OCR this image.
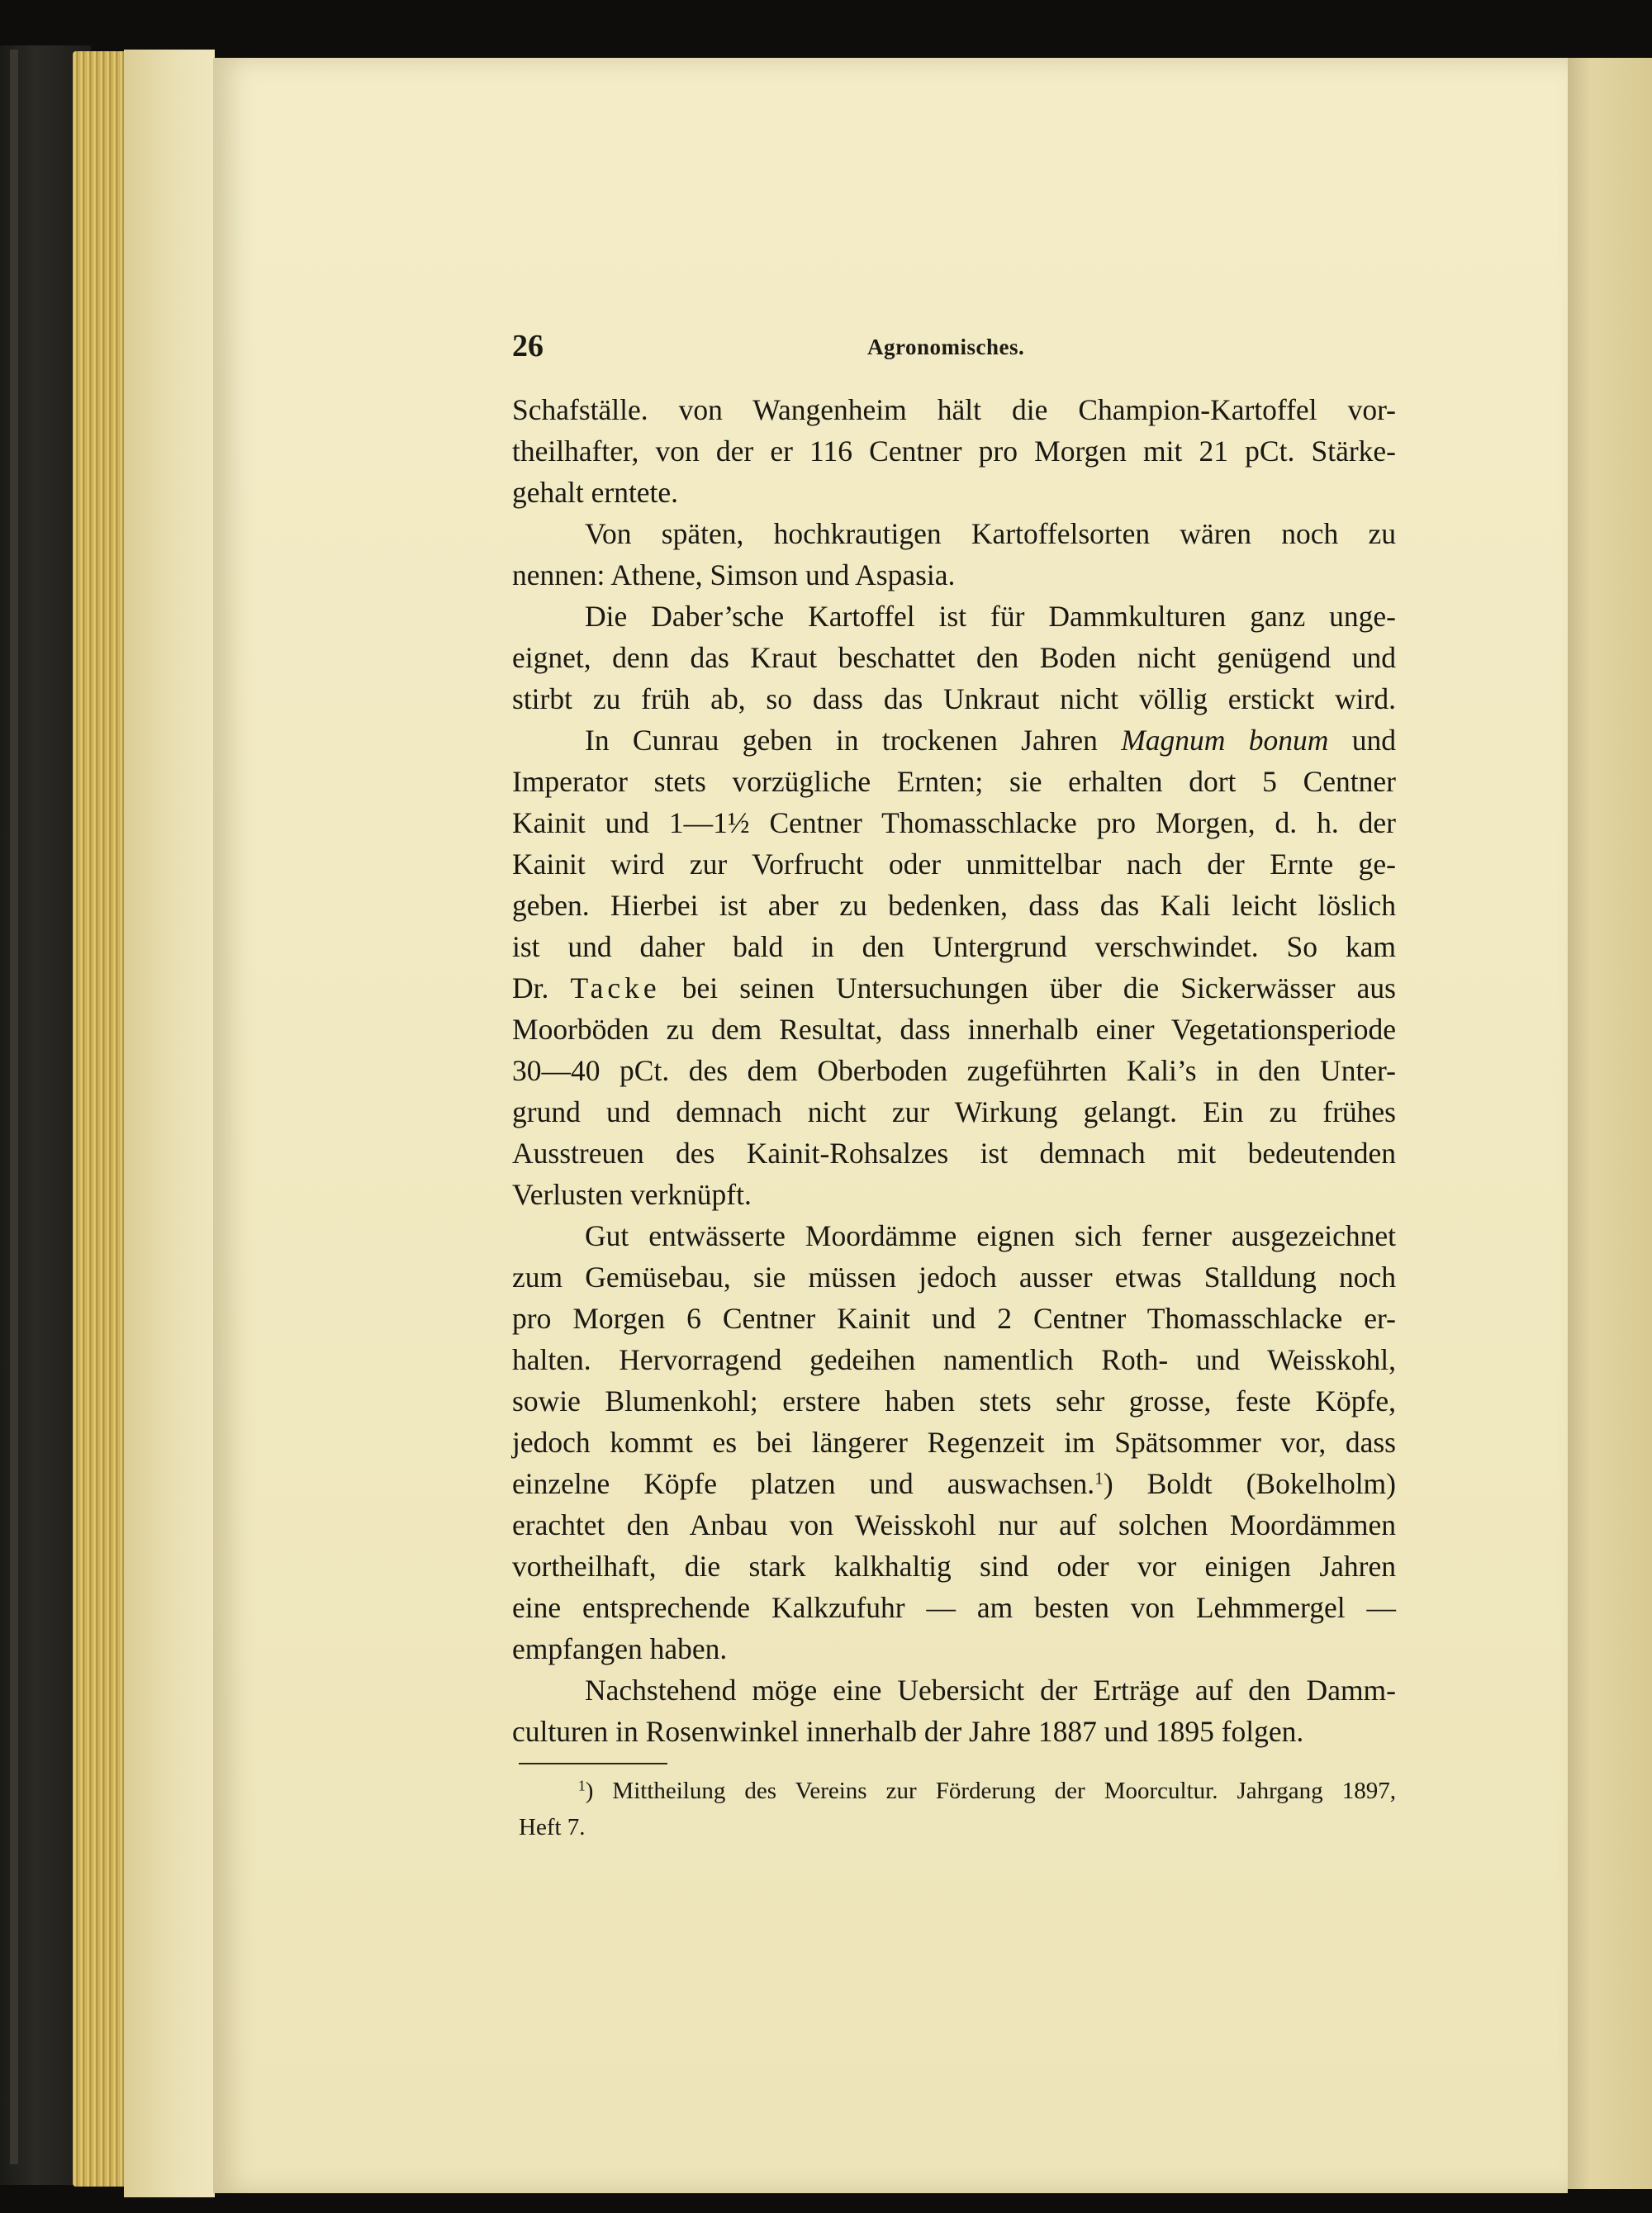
26	Agronomisches.
Schafställe. von Wangenheim hält die Champion-Kartoffel vor-
theilhafter, von der er 116 Centner pro Morgen mit 21 pCt. Stärke-
gehalt erntete.
Von späten, hochkrautigen Kartoffelsorten wären noch zu
nennen: Athene, Simson und Aspasia.
Die Daber’sche Kartoffel ist für Dammkulturen ganz unge-
eignet, denn das Kraut beschattet den Boden nicht genügend und
stirbt zu früh ab, so dass das Unkraut nicht völlig erstickt wird.
In Cunrau geben in trockenen Jahren Magnum bonum und
Imperator stets vorzügliche Ernten; sie erhalten dort 5 Centner
Kainit und 1—1½ Centner Thomasschlacke pro Morgen, d. h. der
Kainit wird zur Vorfrucht oder unmittelbar nach der Ernte ge-
geben. Hierbei ist aber zu bedenken, dass das Kali leicht löslich
ist und daher bald in den Untergrund verschwindet. So kam
Dr. Tacke bei seinen Untersuchungen über die Sickerwässer aus
Moorböden zu dem Resultat, dass innerhalb einer Vegetationsperiode
30—40 pCt. des dem Oberboden zugeführten Kali’s in den Unter-
grund und demnach nicht zur Wirkung gelangt. Ein zu frühes
Ausstreuen des Kainit-Rohsalzes ist demnach mit bedeutenden
Verlusten verknüpft.
Gut entwässerte Moordämme eignen sich ferner ausgezeichnet
zum Gemüsebau, sie müssen jedoch ausser etwas Stalldung noch
pro Morgen 6 Centner Kainit und 2 Centner Thomasschlacke er-
halten. Hervorragend gedeihen namentlich Roth- und Weisskohl,
sowie Blumenkohl; erstere haben stets sehr grosse, feste Köpfe,
jedoch kommt es bei längerer Regenzeit im Spätsommer vor, dass
einzelne Köpfe platzen und auswachsen.$^1$) Boldt (Bokelholm)
erachtet den Anbau von Weisskohl nur auf solchen Moordämmen
vortheilhaft, die stark kalkhaltig sind oder vor einigen Jahren
eine entsprechende Kalkzufuhr — am besten von Lehmmergel —
empfangen haben.
Nachstehend möge eine Uebersicht der Erträge auf den Damm-
culturen in Rosenwinkel innerhalb der Jahre 1887 und 1895 folgen.
$^1$) Mittheilung des Vereins zur Förderung der Moorcultur. Jahrgang 1897,
Heft 7.
